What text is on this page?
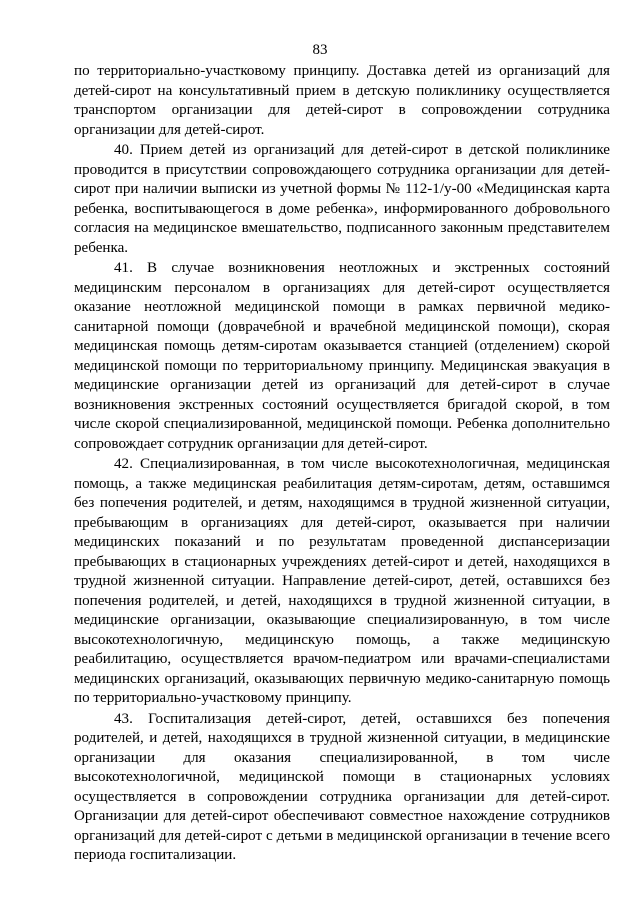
83

по территориально-участковому принципу. Доставка детей из организаций для детей-сирот на консультативный прием в детскую поликлинику осуществляется транспортом организации для детей-сирот в сопровождении сотрудника организации для детей-сирот.

40. Прием детей из организаций для детей-сирот в детской поликлинике проводится в присутствии сопровождающего сотрудника организации для детей-сирот при наличии выписки из учетной формы № 112-1/у-00 «Медицинская карта ребенка, воспитывающегося в доме ребенка», информированного добровольного согласия на медицинское вмешательство, подписанного законным представителем ребенка.

41. В случае возникновения неотложных и экстренных состояний медицинским персоналом в организациях для детей-сирот осуществляется оказание неотложной медицинской помощи в рамках первичной медико-санитарной помощи (доврачебной и врачебной медицинской помощи), скорая медицинская помощь детям-сиротам оказывается станцией (отделением) скорой медицинской помощи по территориальному принципу. Медицинская эвакуация в медицинские организации детей из организаций для детей-сирот в случае возникновения экстренных состояний осуществляется бригадой скорой, в том числе скорой специализированной, медицинской помощи. Ребенка дополнительно сопровождает сотрудник организации для детей-сирот.

42. Специализированная, в том числе высокотехнологичная, медицинская помощь, а также медицинская реабилитация детям-сиротам, детям, оставшимся без попечения родителей, и детям, находящимся в трудной жизненной ситуации, пребывающим в организациях для детей-сирот, оказывается при наличии медицинских показаний и по результатам проведенной диспансеризации пребывающих в стационарных учреждениях детей-сирот и детей, находящихся в трудной жизненной ситуации. Направление детей-сирот, детей, оставшихся без попечения родителей, и детей, находящихся в трудной жизненной ситуации, в медицинские организации, оказывающие специализированную, в том числе высокотехнологичную, медицинскую помощь, а также медицинскую реабилитацию, осуществляется врачом-педиатром или врачами-специалистами медицинских организаций, оказывающих первичную медико-санитарную помощь по территориально-участковому принципу.

43. Госпитализация детей-сирот, детей, оставшихся без попечения родителей, и детей, находящихся в трудной жизненной ситуации, в медицинские организации для оказания специализированной, в том числе высокотехнологичной, медицинской помощи в стационарных условиях осуществляется в сопровождении сотрудника организации для детей-сирот. Организации для детей-сирот обеспечивают совместное нахождение сотрудников организаций для детей-сирот с детьми в медицинской организации в течение всего периода госпитализации.
